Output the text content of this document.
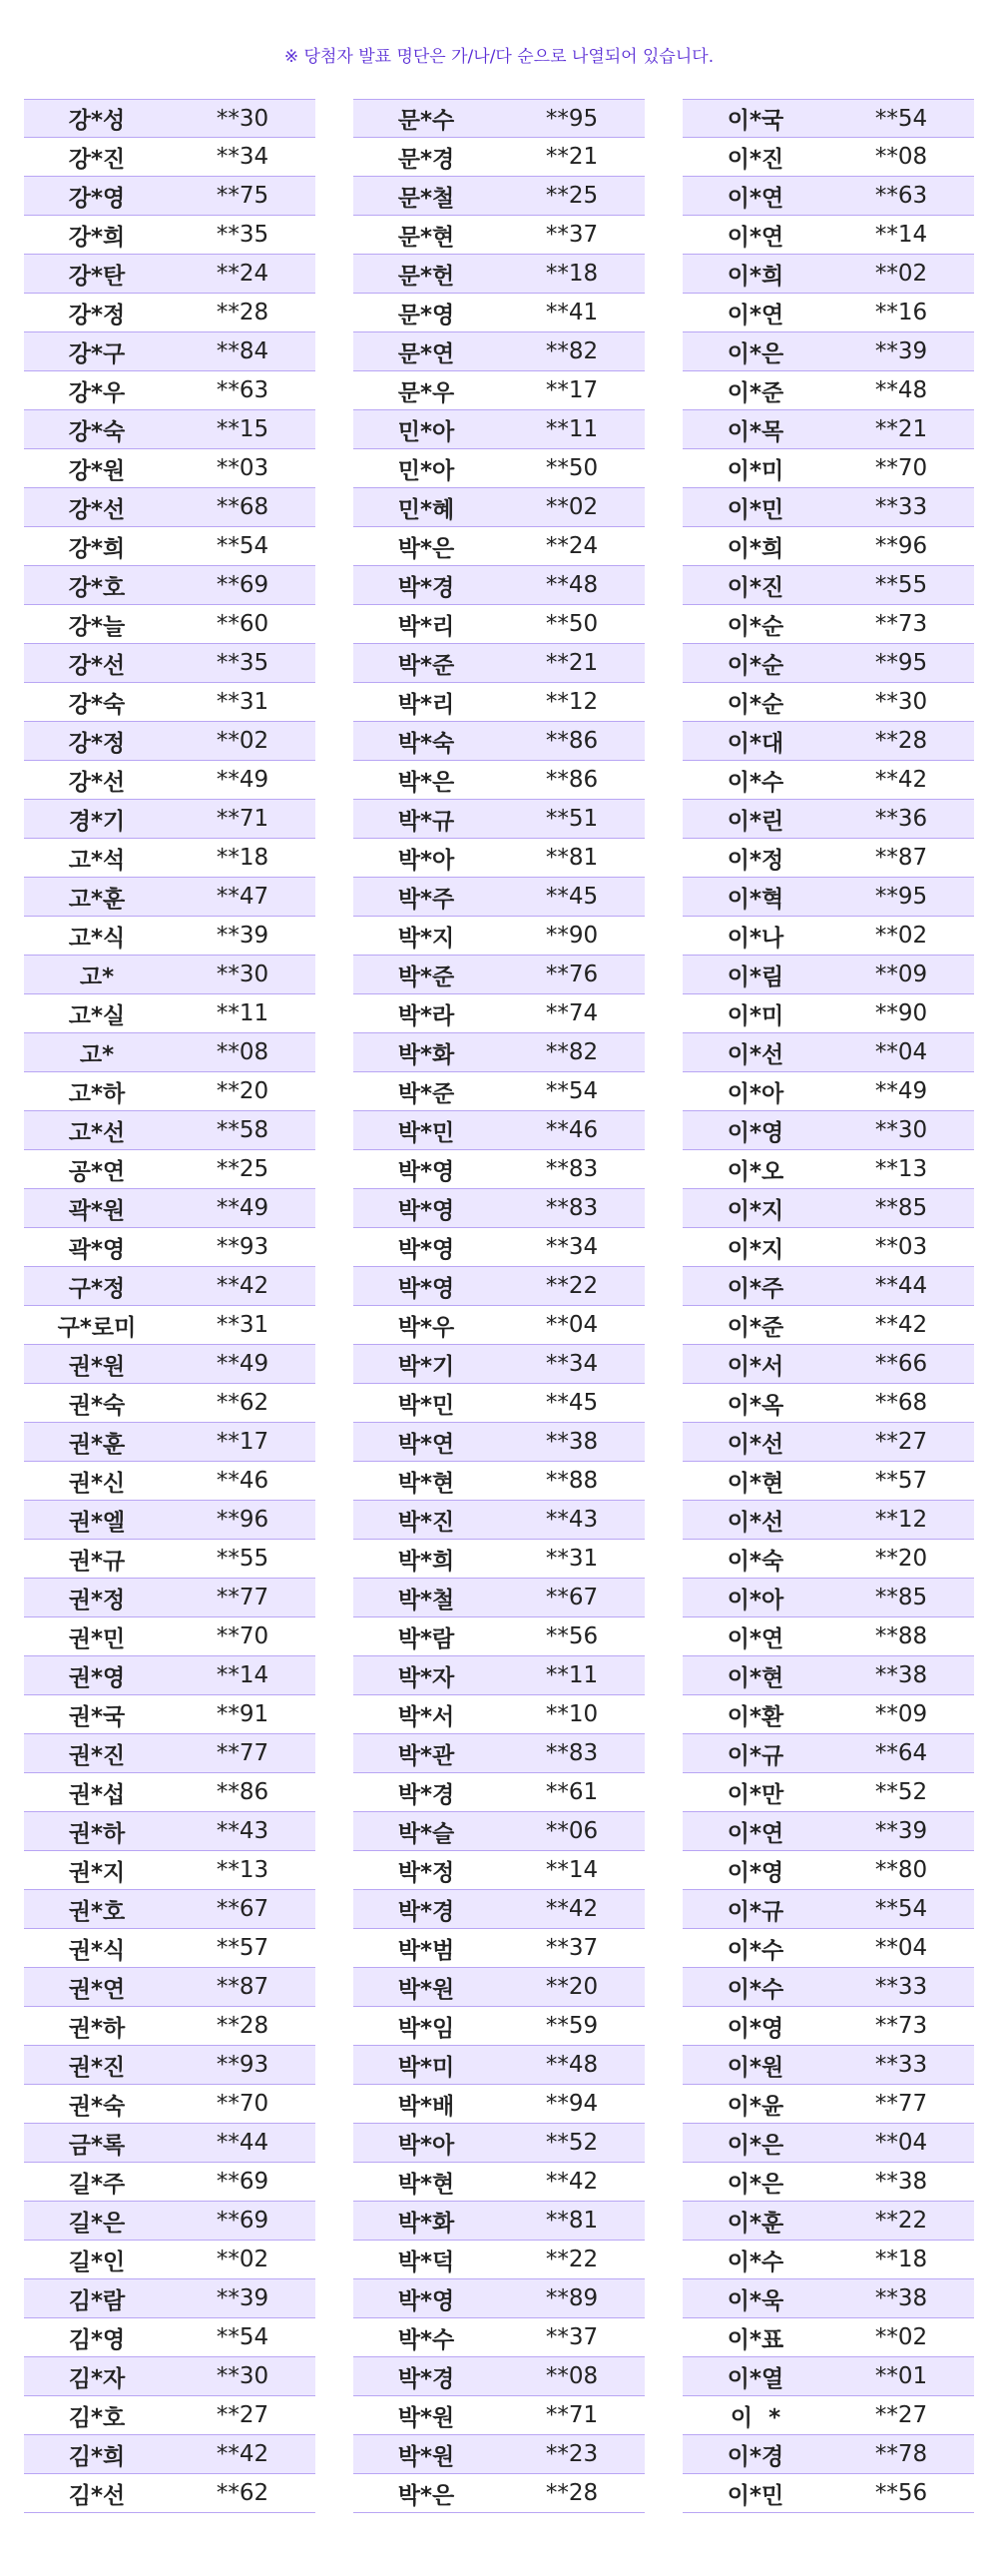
※ 당첨자 발표 명단은 가/나/다 순으로 나열되어 있습니다.
강*성	**30
강*진	**34
강*영	**75
강*희	**35
강*탄	**24
강*정	**28
강*구	**84
강*우	**63
강*숙	**15
강*원	**03
강*선	**68
강*희	**54
강*호	**69
강*늘	**60
강*선	**35
강*숙	**31
강*정	**02
강*선	**49
경*기	**71
고*석	**18
고*훈	**47
고*식	**39
고*	**30
고*실	**11
고*	**08
고*하	**20
고*선	**58
공*연	**25
곽*원	**49
곽*영	**93
구*정	**42
구*로미	**31
권*원	**49
권*숙	**62
권*훈	**17
권*신	**46
권*엘	**96
권*규	**55
권*정	**77
권*민	**70
권*영	**14
권*국	**91
권*진	**77
권*섭	**86
권*하	**43
권*지	**13
권*호	**67
권*식	**57
권*연	**87
권*하	**28
권*진	**93
권*숙	**70
금*록	**44
길*주	**69
길*은	**69
길*인	**02
김*람	**39
김*영	**54
김*자	**30
김*호	**27
김*희	**42
김*선	**62
문*수	**95
문*경	**21
문*철	**25
문*현	**37
문*헌	**18
문*영	**41
문*연	**82
문*우	**17
민*아	**11
민*아	**50
민*혜	**02
박*은	**24
박*경	**48
박*리	**50
박*준	**21
박*리	**12
박*숙	**86
박*은	**86
박*규	**51
박*아	**81
박*주	**45
박*지	**90
박*준	**76
박*라	**74
박*화	**82
박*준	**54
박*민	**46
박*영	**83
박*영	**83
박*영	**34
박*영	**22
박*우	**04
박*기	**34
박*민	**45
박*연	**38
박*현	**88
박*진	**43
박*희	**31
박*철	**67
박*람	**56
박*자	**11
박*서	**10
박*관	**83
박*경	**61
박*슬	**06
박*정	**14
박*경	**42
박*범	**37
박*원	**20
박*임	**59
박*미	**48
박*배	**94
박*아	**52
박*현	**42
박*화	**81
박*덕	**22
박*영	**89
박*수	**37
박*경	**08
박*원	**71
박*원	**23
박*은	**28
이*국	**54
이*진	**08
이*연	**63
이*연	**14
이*희	**02
이*연	**16
이*은	**39
이*준	**48
이*목	**21
이*미	**70
이*민	**33
이*희	**96
이*진	**55
이*순	**73
이*순	**95
이*순	**30
이*대	**28
이*수	**42
이*린	**36
이*정	**87
이*혁	**95
이*나	**02
이*림	**09
이*미	**90
이*선	**04
이*아	**49
이*영	**30
이*오	**13
이*지	**85
이*지	**03
이*주	**44
이*준	**42
이*서	**66
이*옥	**68
이*선	**27
이*현	**57
이*선	**12
이*숙	**20
이*아	**85
이*연	**88
이*현	**38
이*환	**09
이*규	**64
이*만	**52
이*연	**39
이*영	**80
이*규	**54
이*수	**04
이*수	**33
이*영	**73
이*원	**33
이*윤	**77
이*은	**04
이*은	**38
이*훈	**22
이*수	**18
이*욱	**38
이*표	**02
이*열	**01
이  *	**27
이*경	**78
이*민	**56
